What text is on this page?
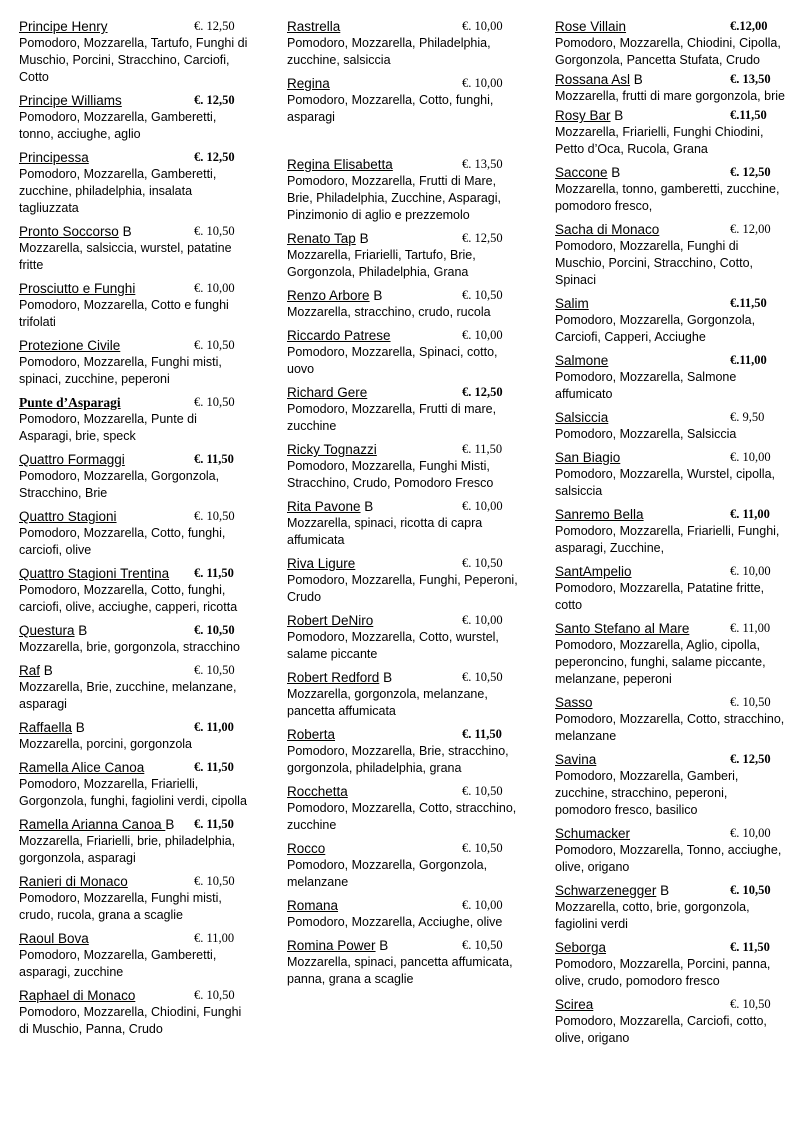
Principe Henry	€. 12,50

Pomodoro, Mozzarella, Tartufo, Funghi di Muschio, Porcini, Stracchino, Carciofi, Cotto

Principe Williams	€. 12,50

Pomodoro, Mozzarella, Gamberetti, tonno, acciughe, aglio

Principessa	€. 12,50

Pomodoro, Mozzarella, Gamberetti, zucchine, philadelphia, insalata tagliuzzata

Pronto Soccorso B	€. 10,50

Mozzarella, salsiccia, wurstel, patatine fritte

Prosciutto e Funghi	€. 10,00

Pomodoro, Mozzarella, Cotto e funghi trifolati

Protezione Civile	€. 10,50

Pomodoro, Mozzarella, Funghi misti, spinaci, zucchine, peperoni

Punte d’Asparagi	€. 10,50

Pomodoro, Mozzarella, Punte di Asparagi, brie, speck

Quattro Formaggi	€. 11,50

Pomodoro, Mozzarella, Gorgonzola, Stracchino, Brie

Quattro Stagioni	€. 10,50

Pomodoro, Mozzarella, Cotto, funghi, carciofi, olive

Quattro Stagioni Trentina €. 11,50

Pomodoro, Mozzarella, Cotto, funghi, carciofi, olive, acciughe, capperi, ricotta

Questura B	€. 10,50

Mozzarella, brie, gorgonzola, stracchino

Raf B	€. 10,50

Mozzarella, Brie, zucchine, melanzane, asparagi

Raffaella B	€. 11,00

Mozzarella, porcini, gorgonzola

Ramella Alice Canoa	€. 11,50

Pomodoro, Mozzarella, Friarielli, Gorgonzola, funghi, fagiolini verdi, cipolla

Ramella Arianna Canoa B €. 11,50

Mozzarella, Friarielli, brie, philadelphia, gorgonzola, asparagi

Ranieri di Monaco	€. 10,50

Pomodoro, Mozzarella, Funghi misti, crudo, rucola, grana a scaglie

Raoul Bova	€. 11,00

Pomodoro, Mozzarella, Gamberetti, asparagi, zucchine

Raphael di Monaco	€. 10,50

Pomodoro, Mozzarella, Chiodini, Funghi di Muschio, Panna, Crudo

Rastrella	€. 10,00

Pomodoro, Mozzarella, Philadelphia, zucchine, salsiccia

Regina	€. 10,00

Pomodoro, Mozzarella, Cotto, funghi, asparagi

Regina Elisabetta	€. 13,50

Pomodoro, Mozzarella, Frutti di Mare, Brie, Philadelphia, Zucchine, Asparagi, Pinzimonio di aglio e prezzemolo

Renato Tap B	€. 12,50

Mozzarella, Friarielli, Tartufo, Brie, Gorgonzola, Philadelphia, Grana

Renzo Arbore B	€. 10,50

Mozzarella, stracchino, crudo, rucola

Riccardo Patrese	€. 10,00

Pomodoro, Mozzarella, Spinaci, cotto, uovo

Richard Gere	€. 12,50

Pomodoro, Mozzarella, Frutti di mare, zucchine

Ricky Tognazzi	€. 11,50

Pomodoro, Mozzarella, Funghi Misti, Stracchino, Crudo, Pomodoro Fresco

Rita Pavone B	€. 10,00

Mozzarella, spinaci, ricotta di capra affumicata

Riva Ligure	€. 10,50

Pomodoro, Mozzarella, Funghi, Peperoni, Crudo

Robert DeNiro	€. 10,00

Pomodoro, Mozzarella, Cotto, wurstel, salame piccante

Robert Redford B	€. 10,50

Mozzarella, gorgonzola, melanzane, pancetta affumicata

Roberta	€. 11,50

Pomodoro, Mozzarella, Brie, stracchino, gorgonzola, philadelphia, grana

Rocchetta	€. 10,50

Pomodoro, Mozzarella, Cotto, stracchino, zucchine

Rocco	€. 10,50

Pomodoro, Mozzarella, Gorgonzola, melanzane

Romana	€. 10,00

Pomodoro, Mozzarella, Acciughe, olive

Romina Power B	€. 10,50

Mozzarella, spinaci, pancetta affumicata, panna, grana a scaglie

Rose Villain	€.12,00

Pomodoro, Mozzarella, Chiodini, Cipolla, Gorgonzola, Pancetta Stufata, Crudo

Rossana Asl B	€. 13,50

Mozzarella, frutti di mare gorgonzola, brie

Rosy Bar B	€.11,50

Mozzarella, Friarielli, Funghi Chiodini, Petto d’Oca, Rucola, Grana

Saccone B	€. 12,50

Mozzarella, tonno, gamberetti, zucchine, pomodoro fresco,

Sacha di Monaco	€. 12,00

Pomodoro, Mozzarella, Funghi di Muschio, Porcini, Stracchino, Cotto, Spinaci

Salim	€.11,50

Pomodoro, Mozzarella, Gorgonzola, Carciofi, Capperi, Acciughe

Salmone	€.11,00

Pomodoro, Mozzarella, Salmone affumicato

Salsiccia	€. 9,50

Pomodoro, Mozzarella, Salsiccia

San Biagio	€. 10,00

Pomodoro, Mozzarella, Wurstel, cipolla, salsiccia

Sanremo Bella	€. 11,00

Pomodoro, Mozzarella, Friarielli, Funghi, asparagi, Zucchine,

SantAmpelio	€. 10,00

Pomodoro, Mozzarella, Patatine fritte, cotto

Santo Stefano al Mare	€. 11,00

Pomodoro, Mozzarella, Aglio, cipolla, peperoncino, funghi, salame piccante, melanzane, peperoni

Sasso	€. 10,50

Pomodoro, Mozzarella, Cotto, stracchino, melanzane

Savina	€. 12,50

Pomodoro, Mozzarella, Gamberi, zucchine, stracchino, peperoni, pomodoro fresco, basilico

Schumacker	€. 10,00

Pomodoro, Mozzarella, Tonno, acciughe, olive, origano

Schwarzenegger B	€. 10,50

Mozzarella, cotto, brie, gorgonzola, fagiolini verdi

Seborga	€. 11,50

Pomodoro, Mozzarella, Porcini, panna, olive, crudo, pomodoro fresco

Scirea	€. 10,50

Pomodoro, Mozzarella, Carciofi, cotto, olive, origano
